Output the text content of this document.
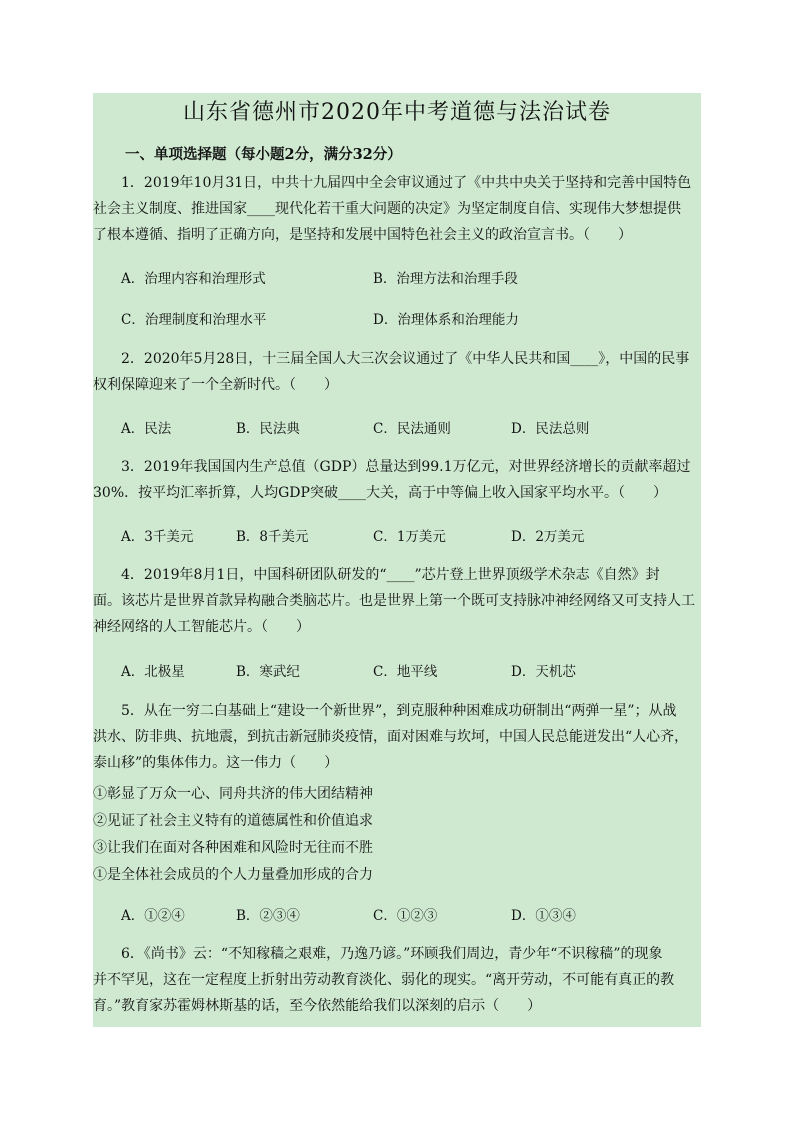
山东省德州市2020年中考道德与法治试卷
一、单项选择题（每小题2分，满分32分）
1．2019年10月31日，中共十九届四中全会审议通过了《中共中央关于坚持和完善中国特色
社会主义制度、推进国家____现代化若干重大问题的决定》为坚定制度自信、实现伟大梦想提供
了根本遵循、指明了正确方向，是坚持和发展中国特色社会主义的政治宣言书。（　　）
A．治理内容和治理形式	B．治理方法和治理手段
C．治理制度和治理水平	D．治理体系和治理能力
2．2020年5月28日，十三届全国人大三次会议通过了《中华人民共和国____》，中国的民事
权利保障迎来了一个全新时代。（　　）
A．民法	B．民法典	C．民法通则	D．民法总则
3．2019年我国国内生产总值（GDP）总量达到99.1万亿元，对世界经济增长的贡献率超过
30%．按平均汇率折算，人均GDP突破____大关，高于中等偏上收入国家平均水平。（　　）
A．3千美元	B．8千美元	C．1万美元	D．2万美元
4．2019年8月1日，中国科研团队研发的“____”芯片登上世界顶级学术杂志《自然》封
面。该芯片是世界首款异构融合类脑芯片。也是世界上第一个既可支持脉冲神经网络又可支持人工
神经网络的人工智能芯片。（　　）
A．北极星	B．寒武纪	C．地平线	D．天机芯
5．从在一穷二白基础上“建设一个新世界”，到克服种种困难成功研制出“两弹一星”；从战
洪水、防非典、抗地震，到抗击新冠肺炎疫情，面对困难与坎坷，中国人民总能迸发出“人心齐，
泰山移”的集体伟力。这一伟力（　　）
①彰显了万众一心、同舟共济的伟大团结精神
②见证了社会主义特有的道德属性和价值追求
③让我们在面对各种困难和风险时无往而不胜
①是全体社会成员的个人力量叠加形成的合力
A．①②④	B．②③④	C．①②③	D．①③④
6．《尚书》云：“不知稼穑之艰难，乃逸乃谚。”环顾我们周边，青少年“不识稼穑”的现象
并不罕见，这在一定程度上折射出劳动教育淡化、弱化的现实。“离开劳动，不可能有真正的教
育。”教育家苏霍姆林斯基的话，至今依然能给我们以深刻的启示（　　）
